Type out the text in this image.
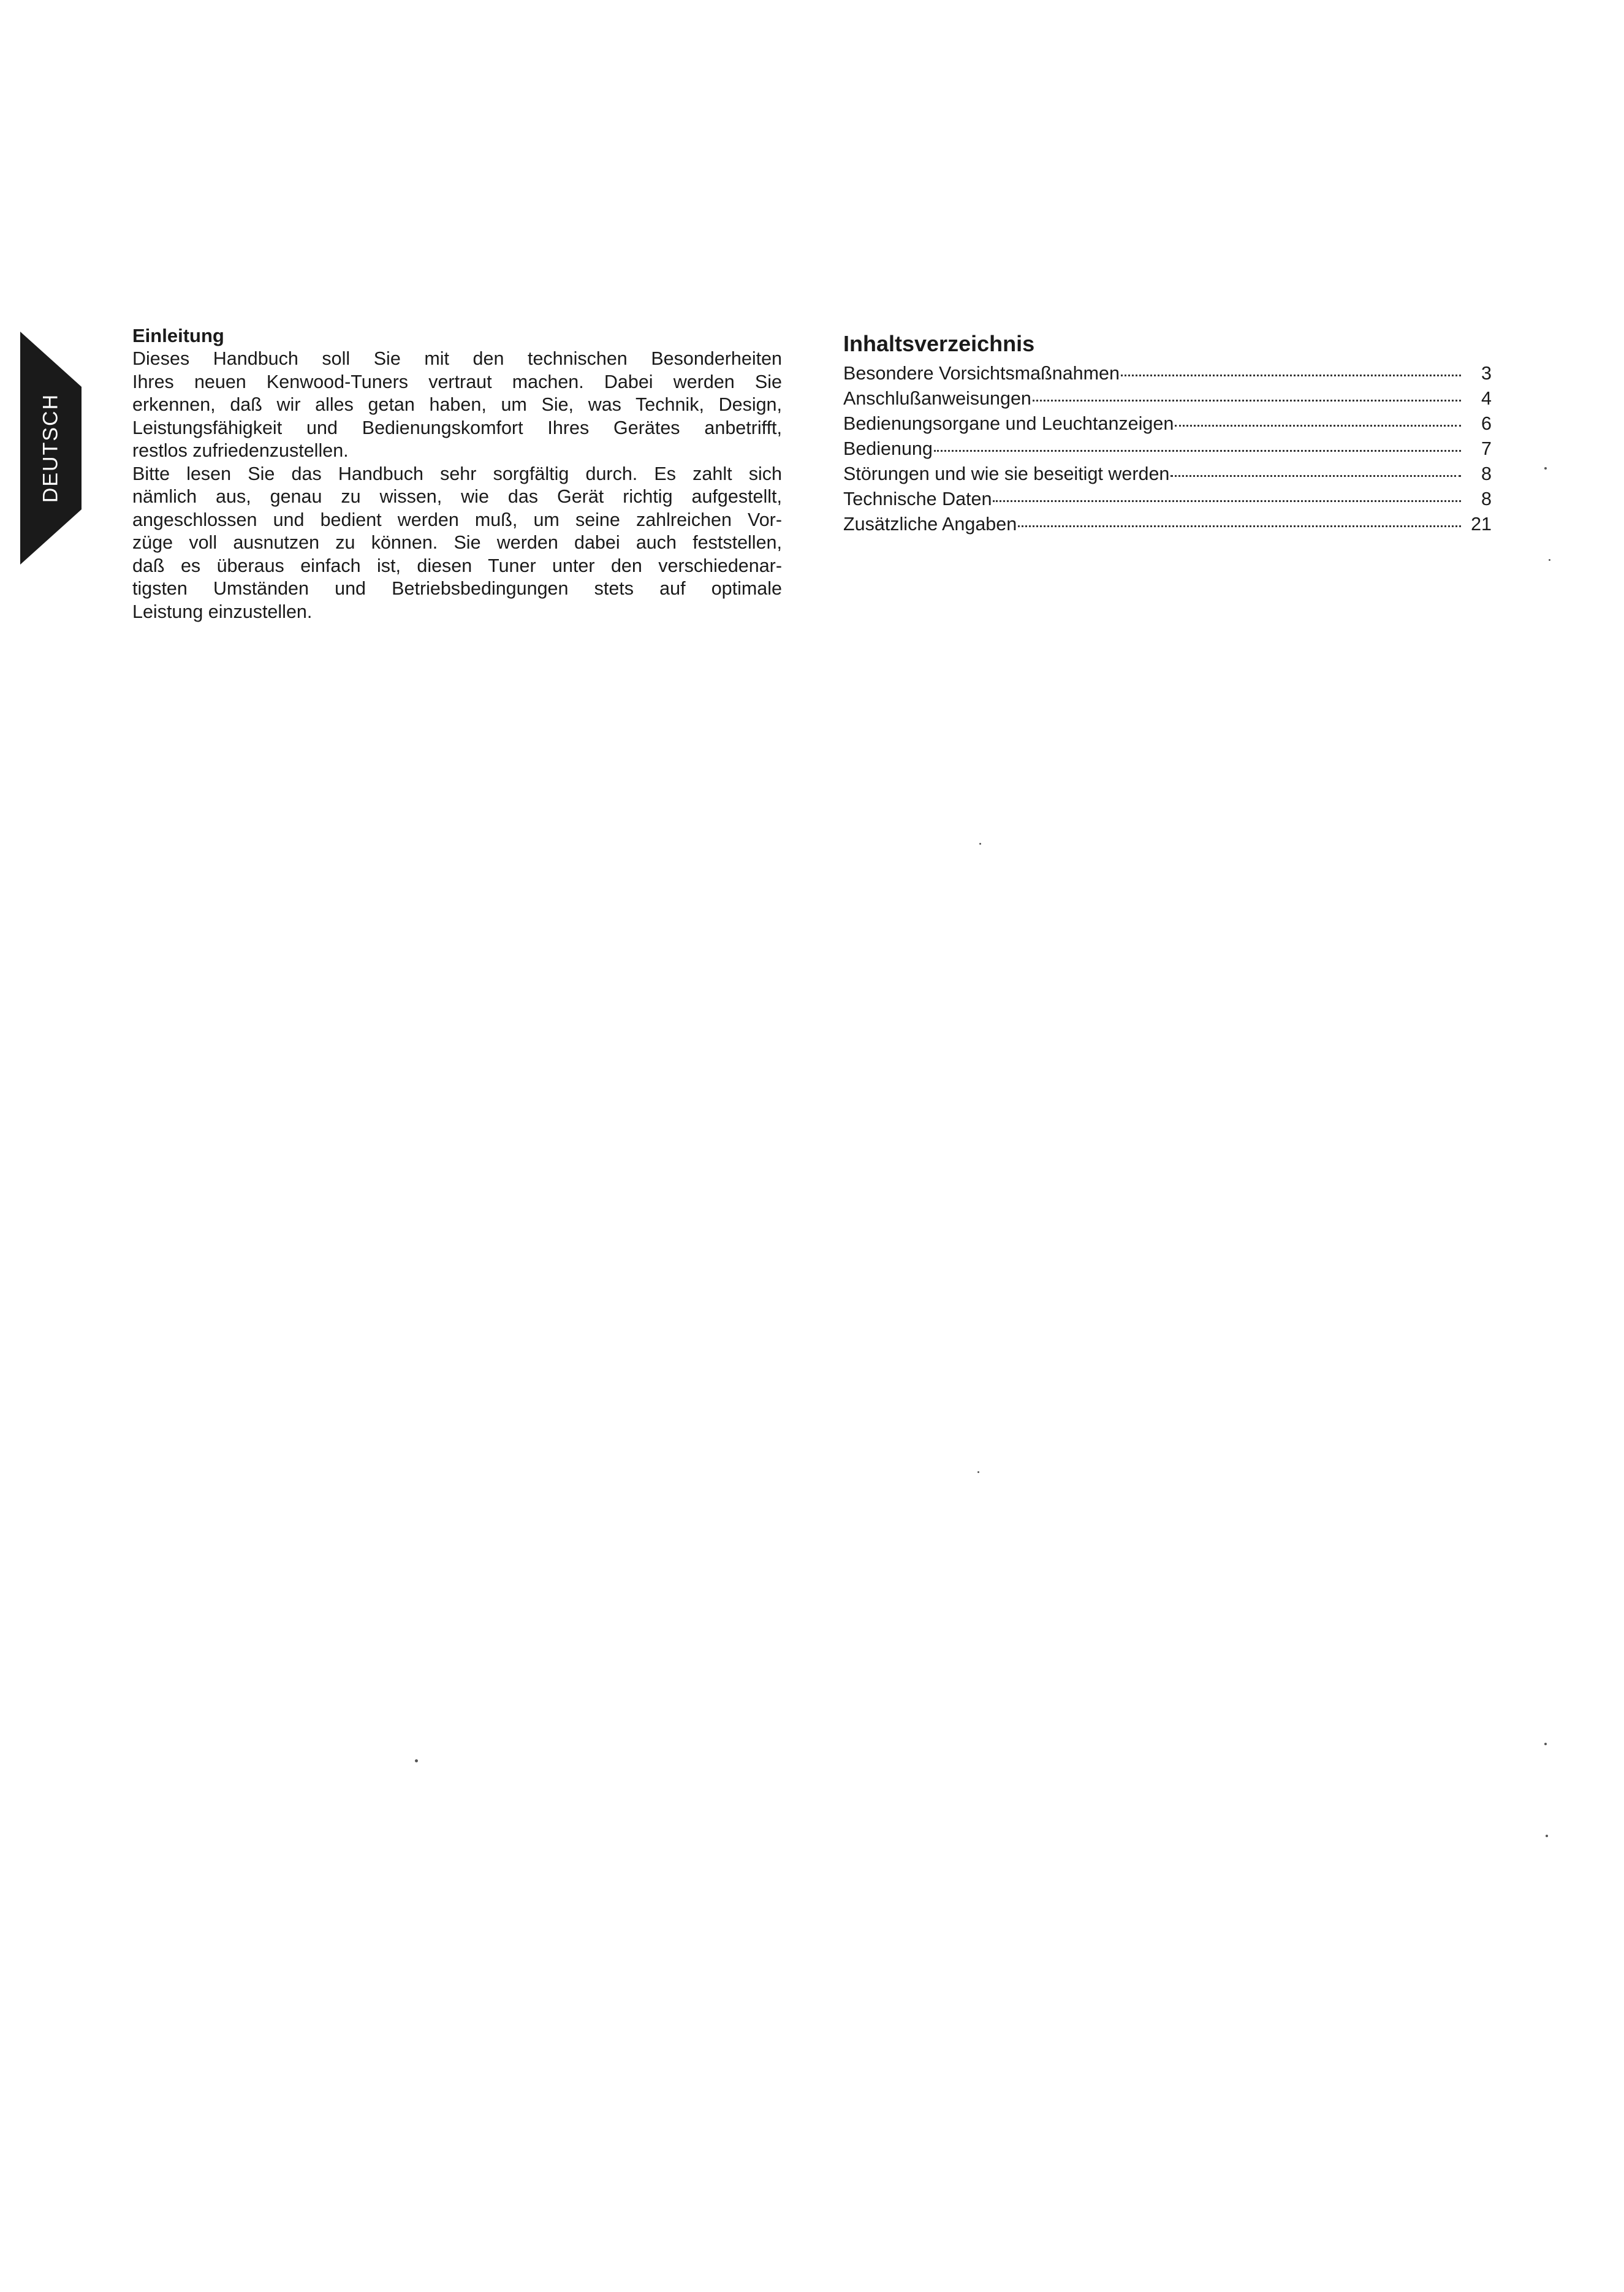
DEUTSCH
Einleitung

Dieses Handbuch soll Sie mit den technischen Besonderheiten
Ihres neuen Kenwood-Tuners vertraut machen. Dabei werden Sie
erkennen, daß wir alles getan haben, um Sie, was Technik, Design,
Leistungsfähigkeit und Bedienungskomfort Ihres Gerätes anbetrifft,
restlos zufriedenzustellen.

Bitte lesen Sie das Handbuch sehr sorgfältig durch. Es zahlt sich
nämlich aus, genau zu wissen, wie das Gerät richtig aufgestellt,
angeschlossen und bedient werden muß, um seine zahlreichen Vor-
züge voll ausnutzen zu können. Sie werden dabei auch feststellen,
daß es überaus einfach ist, diesen Tuner unter den verschiedenar-
tigsten Umständen und Betriebsbedingungen stets auf optimale
Leistung einzustellen.

Inhaltsverzeichnis
Besondere Vorsichtsmaßnahmen	3
Anschlußanweisungen	4
Bedienungsorgane und Leuchtanzeigen	6
Bedienung	7
Störungen und wie sie beseitigt werden	8
Technische Daten	8
Zusätzliche Angaben	21
